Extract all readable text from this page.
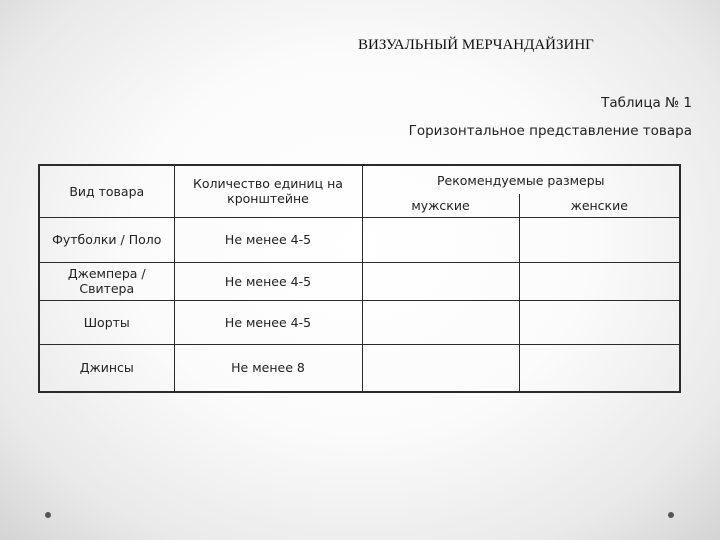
ВИЗУАЛЬНЫЙ МЕРЧАНДАЙЗИНГ
Таблица № 1
Горизонтальное представление товара
Вид товара	Количество единиц на кронштейне	Рекомендуемые размеры	
		мужские	женские
Футболки / Поло	Не менее 4-5		
Джемпера / Свитера	Не менее 4-5		
Шорты	Не менее 4-5		
Джинсы	Не менее 8		
